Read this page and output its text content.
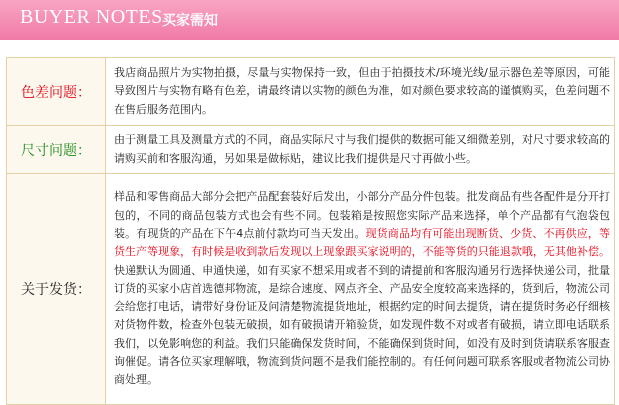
BUYER NOTES 买家需知
色差问题：	我店商品照片为实物拍摄，尽量与实物保持一致，但由于拍摄技术/环境光线/显示器色差等原因，可能导致图片与实物有略有色差，请最终请以实物的颜色为准，如对颜色要求较高的谨慎购买，色差问题不在售后服务范围内。
尺寸问题：	由于测量工具及测量方式的不同，商品实际尺寸与我们提供的数据可能又细微差别，对尺寸要求较高的请购买前和客服沟通，另如果是做标贴，建议比我们提供是尺寸再做小些。
关于发货：	样品和零售商品大部分会把产品配套装好后发出，小部分产品分件包装。批发商品有些各配件是分开打包的，不同的商品包装方式也会有些不同。包装箱是按照您实际产品来选择，单个产品都有气泡袋包装。有现货的产品在下午4点前付款均可当天发出。现货商品均有可能出现断货、少货、不再供应，等货生产等现象，有时候是收到款后发现以上现象跟买家说明的，不能等货的只能退款哦，无其他补偿。快递默认为圆通、申通快递，如有买家不想采用或者不到的请提前和客服沟通另行选择快递公司，批量订货的买家小店首选德邦物流，是综合速度、网点齐全、产品安全度较高来选择的，货到后，物流公司会给您打电话，请带好身份证及问清楚物流提货地址，根据约定的时间去提货，请在提货时务必仔细核对货物件数，检查外包装无破损，如有破损请开箱验货，如发现件数不对或者有破损，请立即电话联系我们，以免影响您的利益。我们只能确保发货时间，不能确保到货时间，如没有及时到货请联系客服查询催促。请各位买家理解哦，物流到货问题不是我们能控制的。有任何问题可联系客服或者物流公司协商处理。
